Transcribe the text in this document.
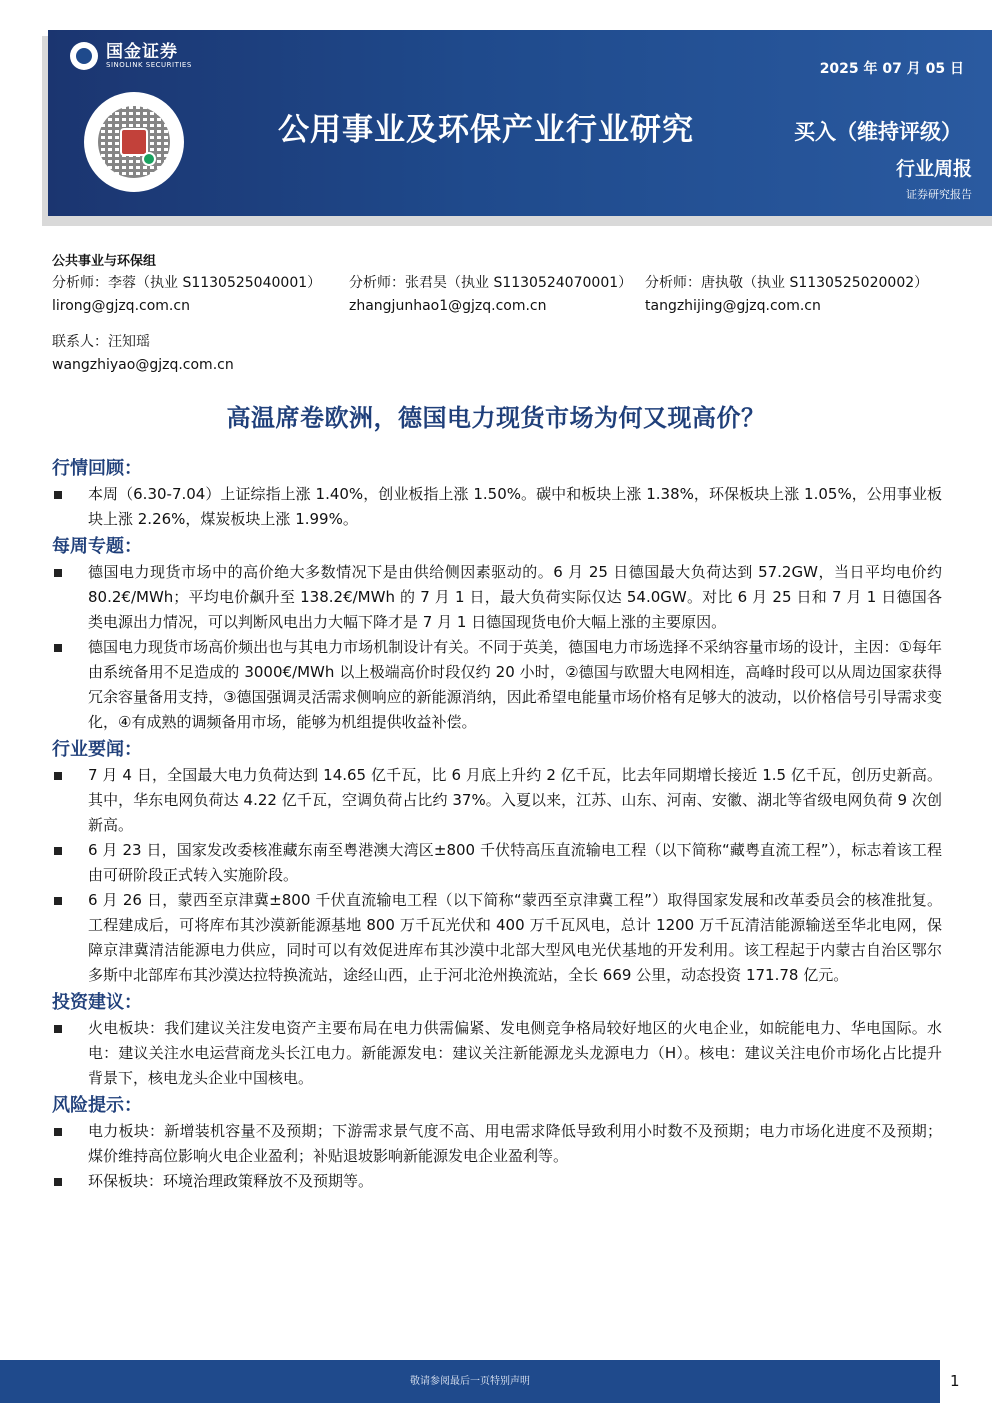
国金证券
SINOLINK SECURITIES	2025 年 07 月 05 日
公用事业及环保产业行业研究	买入（维持评级）
行业周报
证券研究报告
公共事业与环保组
分析师：李蓉（执业 S1130525040001）
lirong@gjzq.com.cn
分析师：张君昊（执业 S1130524070001）
zhangjunhao1@gjzq.com.cn
分析师：唐执敬（执业 S1130525020002）
tangzhijing@gjzq.com.cn
联系人：汪知瑶
wangzhiyao@gjzq.com.cn
高温席卷欧洲，德国电力现货市场为何又现高价？
行情回顾：
本周（6.30-7.04）上证综指上涨 1.40%，创业板指上涨 1.50%。碳中和板块上涨 1.38%，环保板块上涨 1.05%，公用事业板块上涨 2.26%，煤炭板块上涨 1.99%。
每周专题：
德国电力现货市场中的高价绝大多数情况下是由供给侧因素驱动的。6 月 25 日德国最大负荷达到 57.2GW，当日平均电价约 80.2€/MWh；平均电价飙升至 138.2€/MWh 的 7 月 1 日，最大负荷实际仅达 54.0GW。对比 6 月 25 日和 7 月 1 日德国各类电源出力情况，可以判断风电出力大幅下降才是 7 月 1 日德国现货电价大幅上涨的主要原因。
德国电力现货市场高价频出也与其电力市场机制设计有关。不同于英美，德国电力市场选择不采纳容量市场的设计，主因：①每年由系统备用不足造成的 3000€/MWh 以上极端高价时段仅约 20 小时，②德国与欧盟大电网相连，高峰时段可以从周边国家获得冗余容量备用支持，③德国强调灵活需求侧响应的新能源消纳，因此希望电能量市场价格有足够大的波动，以价格信号引导需求变化，④有成熟的调频备用市场，能够为机组提供收益补偿。
行业要闻：
7 月 4 日，全国最大电力负荷达到 14.65 亿千瓦，比 6 月底上升约 2 亿千瓦，比去年同期增长接近 1.5 亿千瓦，创历史新高。其中，华东电网负荷达 4.22 亿千瓦，空调负荷占比约 37%。入夏以来，江苏、山东、河南、安徽、湖北等省级电网负荷 9 次创新高。
6 月 23 日，国家发改委核准藏东南至粤港澳大湾区±800 千伏特高压直流输电工程（以下简称“藏粤直流工程”），标志着该工程由可研阶段正式转入实施阶段。
6 月 26 日，蒙西至京津冀±800 千伏直流输电工程（以下简称“蒙西至京津冀工程”）取得国家发展和改革委员会的核准批复。工程建成后，可将库布其沙漠新能源基地 800 万千瓦光伏和 400 万千瓦风电，总计 1200 万千瓦清洁能源输送至华北电网，保障京津冀清洁能源电力供应，同时可以有效促进库布其沙漠中北部大型风电光伏基地的开发利用。该工程起于内蒙古自治区鄂尔多斯中北部库布其沙漠达拉特换流站，途经山西，止于河北沧州换流站，全长 669 公里，动态投资 171.78 亿元。
投资建议：
火电板块：我们建议关注发电资产主要布局在电力供需偏紧、发电侧竞争格局较好地区的火电企业，如皖能电力、华电国际。水电：建议关注水电运营商龙头长江电力。新能源发电：建议关注新能源龙头龙源电力（H）。核电：建议关注电价市场化占比提升背景下，核电龙头企业中国核电。
风险提示：
电力板块：新增装机容量不及预期；下游需求景气度不高、用电需求降低导致利用小时数不及预期；电力市场化进度不及预期；煤价维持高位影响火电企业盈利；补贴退坡影响新能源发电企业盈利等。
环保板块：环境治理政策释放不及预期等。
敬请参阅最后一页特别声明	1
